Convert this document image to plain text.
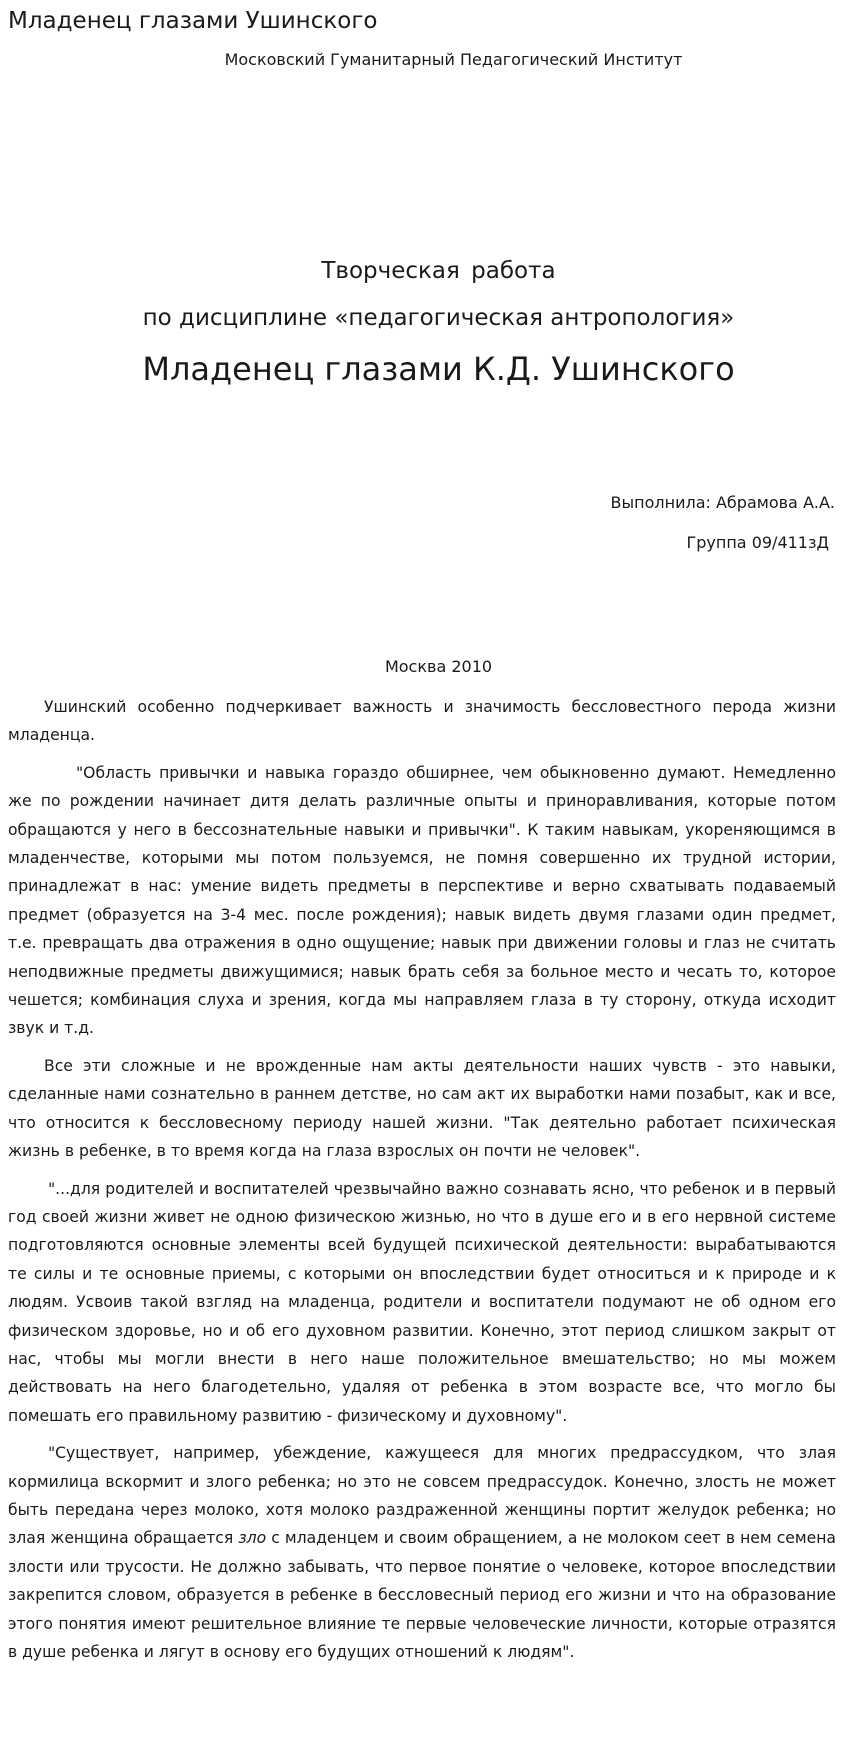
Младенец глазами Ушинского
Московский Гуманитарный Педагогический Институт
Творческая работа
по дисциплине «педагогическая антропология»
Младенец глазами К.Д. Ушинского
Выполнила: Абрамова А.А.
Группа 09/411зД
Москва 2010

Ушинский особенно подчеркивает важность и значимость бессловестного перода жизни младенца.

"Область привычки и навыка гораздо обширнее, чем обыкновенно думают. Немедленно же по рождении начинает дитя делать различные опыты и приноравливания, которые потом обращаются у него в бессознательные навыки и привычки". К таким навыкам, укореняющимся в младенчестве, которыми мы потом пользуемся, не помня совершенно их трудной истории, принадлежат в нас: умение видеть предметы в перспективе и верно схватывать подаваемый предмет (образуется на 3-4 мес. после рождения); навык видеть двумя глазами один предмет, т.е. превращать два отражения в одно ощущение; навык при движении головы и глаз не считать неподвижные предметы движущимися; навык брать себя за больное место и чесать то, которое чешется; комбинация слуха и зрения, когда мы направляем глаза в ту сторону, откуда исходит звук и т.д.

Все эти сложные и не врожденные нам акты деятельности наших чувств - это навыки, сделанные нами сознательно в раннем детстве, но сам акт их выработки нами позабыт, как и все, что относится к бессловесному периоду нашей жизни. "Так деятельно работает психическая жизнь в ребенке, в то время когда на глаза взрослых он почти не человек".

"...для родителей и воспитателей чрезвычайно важно сознавать ясно, что ребенок и в первый год своей жизни живет не одною физическою жизнью, но что в душе его и в его нервной системе подготовляются основные элементы всей будущей психической деятельности: вырабатываются те силы и те основные приемы, с которыми он впоследствии будет относиться и к природе и к людям. Усвоив такой взгляд на младенца, родители и воспитатели подумают не об одном его физическом здоровье, но и об его духовном развитии. Конечно, этот период слишком закрыт от нас, чтобы мы могли внести в него наше положительное вмешательство; но мы можем действовать на него благодетельно, удаляя от ребенка в этом возрасте все, что могло бы помешать его правильному развитию - физическому и духовному".

"Существует, например, убеждение, кажущееся для многих предрассудком, что злая кормилица вскормит и злого ребенка; но это не совсем предрассудок. Конечно, злость не может быть передана через молоко, хотя молоко раздраженной женщины портит желудок ребенка; но злая женщина обращается зло с младенцем и своим обращением, а не молоком сеет в нем семена злости или трусости. Не должно забывать, что первое понятие о человеке, которое впоследствии закрепится словом, образуется в ребенке в бессловесный период его жизни и что на образование этого понятия имеют решительное влияние те первые человеческие личности, которые отразятся в душе ребенка и лягут в основу его будущих отношений к людям".
